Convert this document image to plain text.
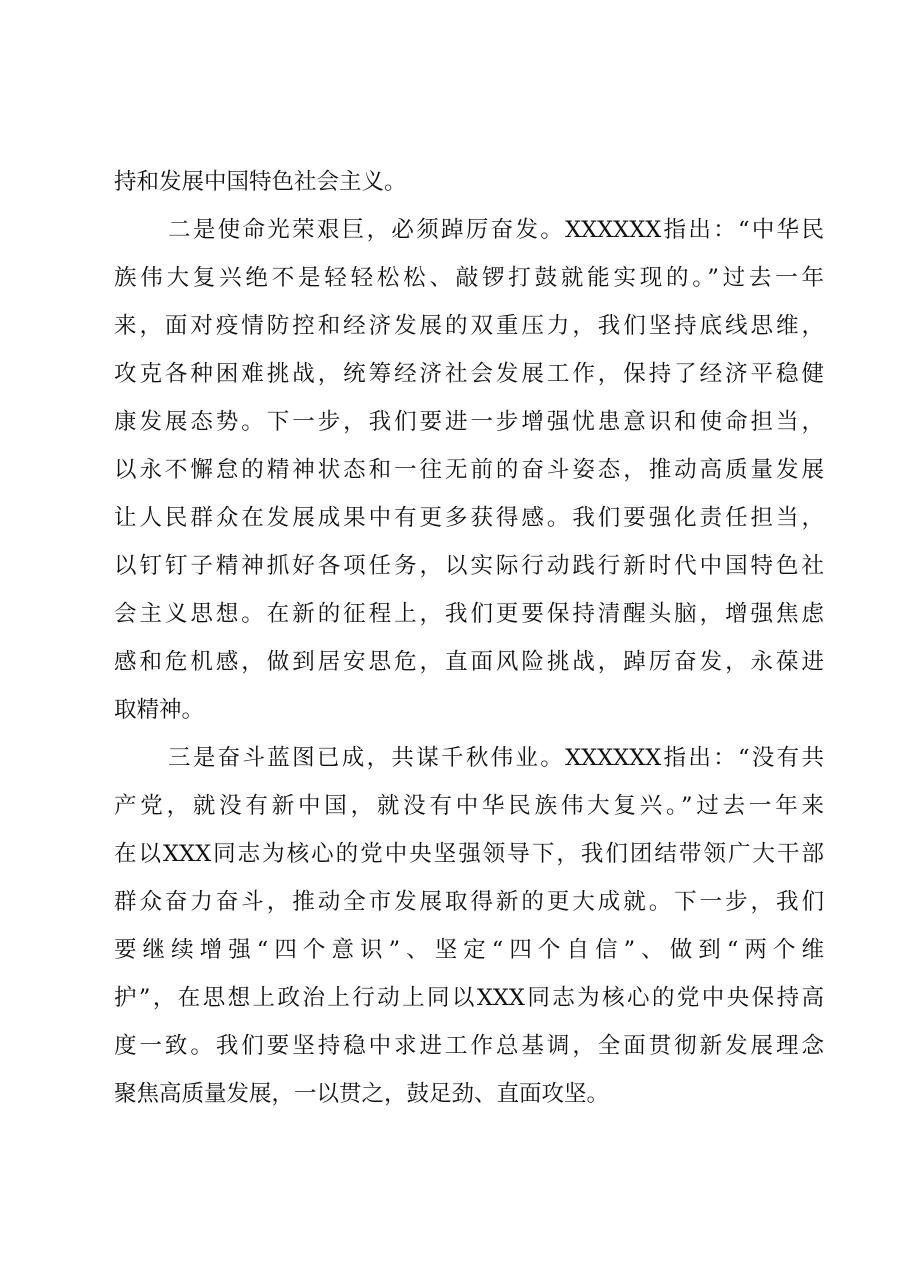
持和发展中国特色社会主义。
二是使命光荣艰巨，必须踔厉奋发。XXXXXX指出：“中华民
族伟大复兴绝不是轻轻松松、敲锣打鼓就能实现的。”过去一年
来，面对疫情防控和经济发展的双重压力，我们坚持底线思维，
攻克各种困难挑战，统筹经济社会发展工作，保持了经济平稳健
康发展态势。下一步，我们要进一步增强忧患意识和使命担当，
以永不懈怠的精神状态和一往无前的奋斗姿态，推动高质量发展
让人民群众在发展成果中有更多获得感。我们要强化责任担当，
以钉钉子精神抓好各项任务，以实际行动践行新时代中国特色社
会主义思想。在新的征程上，我们更要保持清醒头脑，增强焦虑
感和危机感，做到居安思危，直面风险挑战，踔厉奋发，永葆进
取精神。
三是奋斗蓝图已成，共谋千秋伟业。XXXXXX指出：“没有共
产党，就没有新中国，就没有中华民族伟大复兴。”过去一年来
在以XXX同志为核心的党中央坚强领导下，我们团结带领广大干部
群众奋力奋斗，推动全市发展取得新的更大成就。下一步，我们
要继续增强“四个意识”、坚定“四个自信”、做到“两个维
护”，在思想上政治上行动上同以XXX同志为核心的党中央保持高
度一致。我们要坚持稳中求进工作总基调，全面贯彻新发展理念
聚焦高质量发展，一以贯之，鼓足劲、直面攻坚。
